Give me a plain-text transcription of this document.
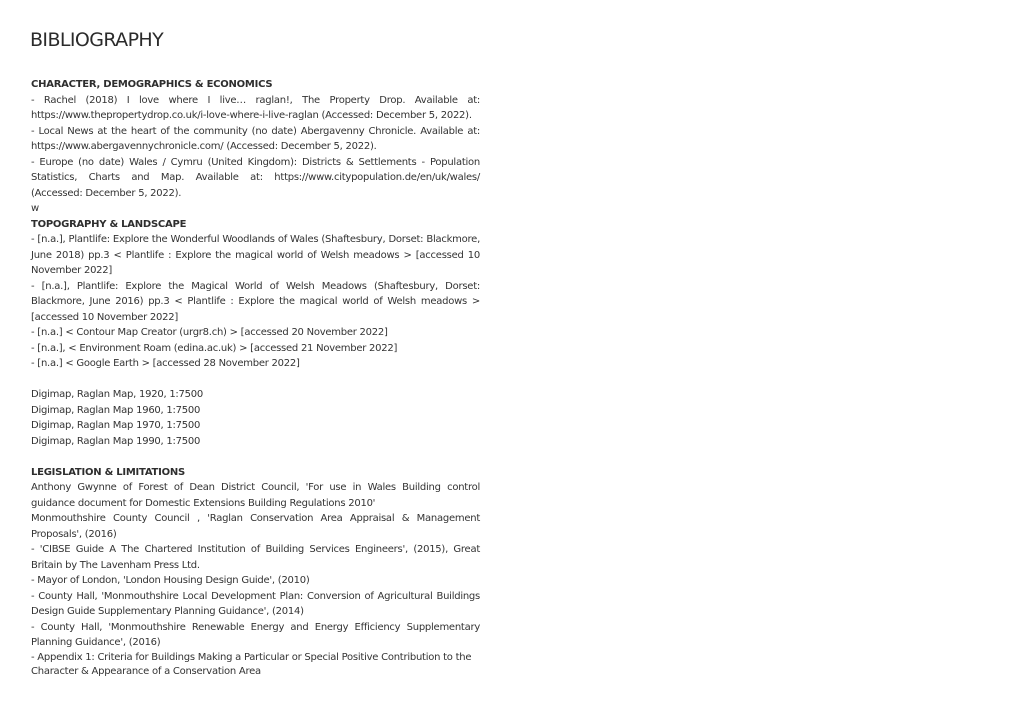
BIBLIOGRAPHY

CHARACTER, DEMOGRAPHICS & ECONOMICS

- Rachel (2018) I love where I live… raglan!, The Property Drop. Available at: https://www.thepropertydrop.co.uk/i-love-where-i-live-raglan (Accessed: December 5, 2022).

- Local News at the heart of the community (no date) Abergavenny Chronicle. Available at: https://www.abergavennychronicle.com/ (Accessed: December 5, 2022).

- Europe (no date) Wales / Cymru (United Kingdom): Districts & Settlements - Population Statistics, Charts and Map. Available at: https://www.citypopulation.de/en/uk/wales/ (Accessed: December 5, 2022).

w

TOPOGRAPHY & LANDSCAPE

- [n.a.], Plantlife: Explore the Wonderful Woodlands of Wales (Shaftesbury, Dorset: Blackmore, June 2018) pp.3 < Plantlife : Explore the magical world of Welsh meadows > [accessed 10 November 2022]

- [n.a.], Plantlife: Explore the Magical World of Welsh Meadows (Shaftesbury, Dorset: Blackmore, June 2016) pp.3 < Plantlife : Explore the magical world of Welsh meadows > [accessed 10 November 2022]

- [n.a.] < Contour Map Creator (urgr8.ch) > [accessed 20 November 2022]

- [n.a.], < Environment Roam (edina.ac.uk) > [accessed 21 November 2022]

- [n.a.] < Google Earth > [accessed 28 November 2022]

Digimap, Raglan Map, 1920, 1:7500

Digimap, Raglan Map 1960, 1:7500

Digimap, Raglan Map 1970, 1:7500

Digimap, Raglan Map 1990, 1:7500

LEGISLATION & LIMITATIONS

Anthony Gwynne of Forest of Dean District Council, 'For use in Wales Building control guidance document for Domestic Extensions Building Regulations 2010'

Monmouthshire County Council , 'Raglan Conservation Area Appraisal & Management Proposals', (2016)

- 'CIBSE Guide A The Chartered Institution of Building Services Engineers', (2015), Great Britain by The Lavenham Press Ltd.

- Mayor of London, 'London Housing Design Guide', (2010)

- County Hall, 'Monmouthshire Local Development Plan: Conversion of Agricultural Buildings Design Guide Supplementary Planning Guidance', (2014)

- County Hall, 'Monmouthshire Renewable Energy and Energy Efficiency Supplementary Planning Guidance', (2016)

- Appendix 1: Criteria for Buildings Making a Particular or Special Positive Contribution to the Character & Appearance of a Conservation Area
